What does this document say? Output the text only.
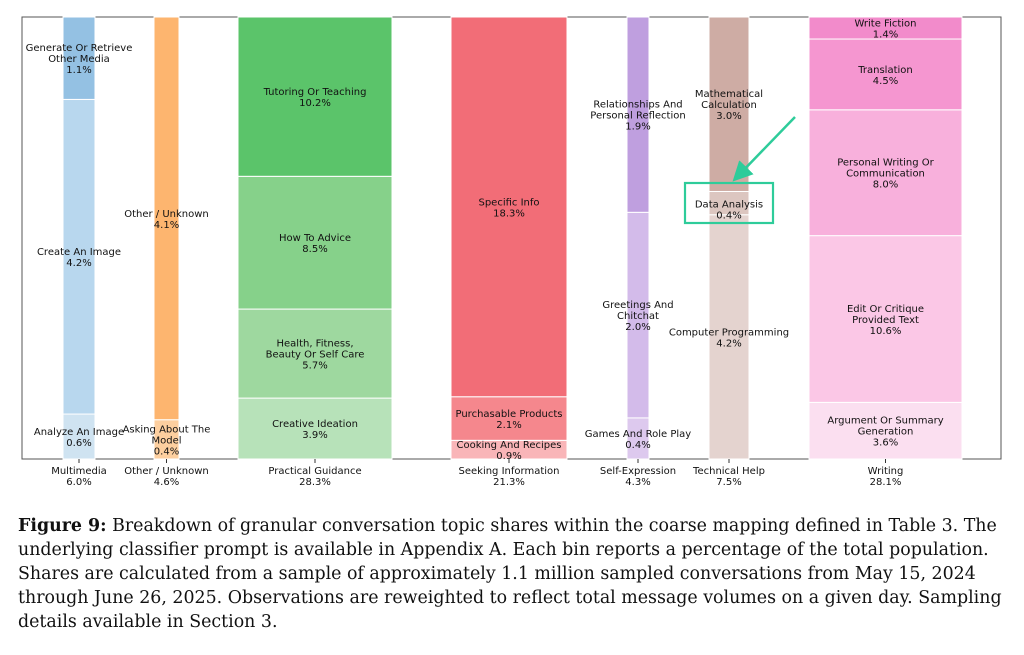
Analyze An Image 0.6%
Create An Image 4.2%
Generate Or Retrieve Other Media 1.1%
Multimedia 6.0%
Asking About The Model 0.4%
Other / Unknown 4.1%
Other / Unknown 4.6%
Creative Ideation 3.9%
Health, Fitness, Beauty Or Self Care 5.7%
How To Advice 8.5%
Tutoring Or Teaching 10.2%
Practical Guidance 28.3%
Cooking And Recipes 0.9%
Purchasable Products 2.1%
Specific Info 18.3%
Seeking Information 21.3%
Games And Role Play 0.4%
Greetings And Chitchat 2.0%
Relationships And Personal Reflection 1.9%
Self-Expression 4.3%
Computer Programming 4.2%
Data Analysis 0.4%
Mathematical Calculation 3.0%
Technical Help 7.5%
Argument Or Summary Generation 3.6%
Edit Or Critique Provided Text 10.6%
Personal Writing Or Communication 8.0%
Translation 4.5%
Write Fiction 1.4%
Writing 28.1%
Figure 9: Breakdown of granular conversation topic shares within the coarse mapping defined in Table 3. The underlying classifier prompt is available in Appendix A. Each bin reports a percentage of the total population. Shares are calculated from a sample of approximately 1.1 million sampled conversations from May 15, 2024 through June 26, 2025. Observations are reweighted to reflect total message volumes on a given day. Sampling details available in Section 3.
